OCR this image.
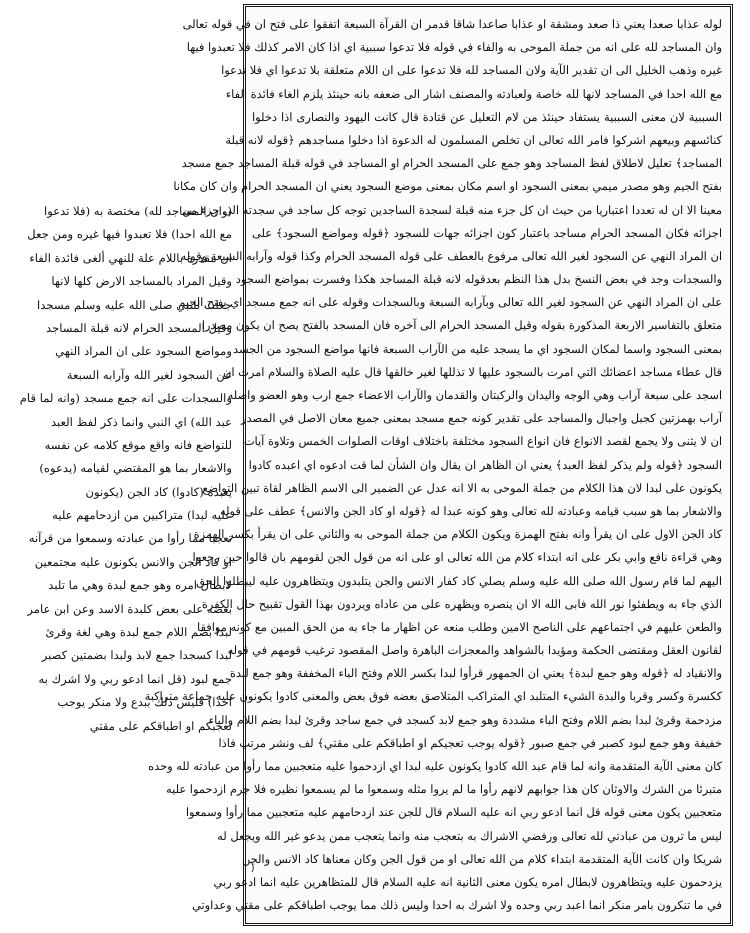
لوله عذابا صعدا يعني ذا صعد ومشقة او عذابا صاعدا شاقا قدمر ان القرآة السبعة اتفقوا على فتح ان في قوله تعالى
وان المساجد لله على انه من جملة الموحى به والفاء في قوله فلا تدعوا سببية اي اذا كان الامر كذلك فلا تعبدوا فيها
غيره وذهب الخليل الى ان تقدير الآية ولان المساجد لله فلا تدعوا على ان اللام متعلقة بلا تدعوا اي فلا تدعوا
مع الله احدا في المساجد لانها لله خاصة ولعبادته والمصنف اشار الى ضعفه بانه حينئذ يلزم الغاء فائدة الفاء
السببية لان معنى السببية يستفاد حينئذ من لام التعليل عن قتادة قال كانت اليهود والنصارى اذا دخلوا
كنائسهم وبيعهم اشركوا فامر الله تعالى ان تخلص المسلمون له الدعوة اذا دخلوا مساجدهم ﴿قوله لانه قبلة
المساجد﴾ تعليل لاطلاق لفظ المساجد وهو جمع على المسجد الحرام او المساجد في قوله قبلة المساجد جمع مسجد
بفتح الجيم وهو مصدر ميمي بمعنى السجود او اسم مكان بمعنى موضع السجود يعني ان المسجد الحرام وان كان مكانا
معينا الا ان له تعددا اعتباريا من حيث ان كل جزء منه قبلة لسجدة الساجدين توجه كل ساجد في سجدته الى جزء من
اجزائه فكان المسجد الحرام مساجد باعتبار كون اجزائه جهات للسجود ﴿قوله ومواضع السجود﴾ على
ان المراد النهي عن السجود لغير الله تعالى مرفوع بالعطف على قوله المسجد الحرام وكذا قوله وآرابه السبعة وقوله
والسجدات وجد في بعض النسخ بدل هذا النظم بعدقوله لانه قبلة المساجد هكذا وفسرت بمواضع السجود
على ان المراد النهي عن السجود لغير الله تعالى وبآرابه السبعة وبالسجدات وقوله على انه جمع مسجد اي بفتح الجيم
متعلق بالتفاسير الاربعة المذكورة بقوله وقيل المسجد الحرام الى آخره فان المسجد بالفتح يصح ان يكون مصدرا
بمعنى السجود واسما لمكان السجود اي ما يسجد عليه من الآراب السبعة فانها مواضع السجود من الجسد
قال عطاء مساجد اعضائك التي امرت بالسجود عليها لا تذللها لغير خالقها قال عليه الصلاة والسلام امرت ان
اسجد على سبعة آراب وهي الوجه واليدان والركبتان والقدمان والآراب الاعضاء جمع ارب وهو العضو واصله
آراب بهمزتين كجبل واجبال والمساجد على تقدير كونه جمع مسجد بمعنى جميع معان الاصل في المصدر
ان لا يثنى ولا يجمع لقصد الانواع فان انواع السجود مختلفة باختلاف اوقات الصلوات الخمس وتلاوة آيات
السجود ﴿قوله ولم يذكر لفظ العبد﴾ يعني ان الظاهر ان يقال وان الشأن لما قت ادعوه اي اعبده كادوا
يكونون على لبدا لان هذا الكلام من جملة الموحى به الا انه عدل عن الضمير الى الاسم الظاهر لقاة تبين التواضع
والاشعار بما هو سبب قيامه وعبادته لله تعالى وهو كونه عبدا له ﴿قوله او كاد الجن والانس﴾ عطف على قوله
كاد الجن الاول على ان يقرأ وانه بفتح الهمزة ويكون الكلام من جملة الموحى به والثاني على ان يقرأ بكسر الهمزة
وهي قراءة نافع وابي بكر على انه ابتداء كلام من الله تعالى او على انه من قول الجن لقومهم بان قالوا حين رجعوا
اليهم لما قام رسول الله صلى الله عليه وسلم يصلي كاد كفار الانس والجن يتلبدون ويتظاهرون عليه ليبطلوا الحق
الذي جاء به ويطفئوا نور الله فابى الله الا ان ينصره ويظهره على من عاداه ويردون بهذا القول تقبيح حال الكفرة
والطعن عليهم في اجتماعهم على الناصح الامين وطلب منعه عن اظهار ما جاء به من الحق المبين مع كونه موافقا
لقانون العقل ومقتضى الحكمة ومؤيدا بالشواهد والمعجزات الباهرة واصل المقصود ترغيب قومهم في قوله
والانقياد له ﴿قوله وهو جمع لبدة﴾ يعني ان الجمهور قرأوا لبدا بكسر اللام وفتح الباء المخففة وهو جمع لبدة
ككسرة وكسر وقربا والبدة الشيء المتلبد اي المتراكب المتلاصق بعضه فوق بعض والمعنى كادوا يكونون عليه جماعة متراكبة
مزدحمة وقرئ لبدا بضم اللام وفتح الباء مشددة وهو جمع لابد كسجد في جمع ساجد وقرئ لبدا بضم اللام والباء
خفيفة وهو جمع لبود كصبر في جمع صبور ﴿قوله يوجب تعجيكم او اطباقكم على مقتي﴾ لف ونشر مرتب فاذا
كان معنى الآية المتقدمة وانه لما قام عبد الله كادوا يكونون عليه لبدا اي ازدحموا عليه متعجبين مما رأوا من عبادته لله وحده
متبرئا من الشرك والاوثان كان هذا جوابهم لانهم رأوا ما لم يروا مثله وسمعوا ما لم يسمعوا نظيره فلا جرم ازدحموا عليه
متعجبين يكون معنى قوله قل انما ادعو ربي انه عليه السلام قال للجن عند ازدحامهم عليه متعجبين مما رأوا وسمعوا
ليس ما ترون من عبادتي لله تعالى ورفضي الاشراك به بتعجب منه وانما يتعجب ممن يدعو غير الله ويجعل له
شريكا وان كانت الآية المتقدمة ابتداء كلام من الله تعالى او من قول الجن وكان معناها كاد الانس والجن
يزدحمون عليه ويتظاهرون لابطال امره يكون معنى الثانية انه عليه السلام قال للمتظاهرين عليه انما ادعو ربي
في ما تنكرون بامر منكر انما اعبد ربي وحده ولا اشرك به احدا وليس ذلك مما يوجب اطباقكم على مقتي وعداوتي
(وان المساجد لله) مختصة به (فلا تدعوا
مع الله احدا) فلا تعبدوا فيها غيره ومن جعل
ان مقدرة باللام علة للنهي ألغى فائدة الفاء
وقيل المراد بالمساجد الارض كلها لانها
جعلت للنبي صلى الله عليه وسلم مسجدا
وقيل المسجد الحرام لانه قبلة المساجد
ومواضع السجود على ان المراد النهي
عن السجود لغير الله وآرابه السبعة
والسجدات على انه جمع مسجد (وانه لما قام
عبد الله) اي النبي وانما ذكر لفظ العبد
للتواضع فانه واقع موقع كلامه عن نفسه
والاشعار بما هو المقتضي لقيامه (يدعوه)
يعبده (كادوا) كاد الجن (يكونون
عليه لبدا) متراكبين من ازدحامهم عليه
تعجبا مما رأوا من عبادته وسمعوا من قرآنه
او كاد الجن والانس يكونون عليه مجتمعين
لابطال امره وهو جمع لبدة وهي ما تلبد
بعضه على بعض كلبدة الاسد وعن ابن عامر
لبدا بضم اللام جمع لبدة وهي لغة وقرئ
لبدا كسجدا جمع لابد ولبدا بضمتين كصبر
جمع لبود (قل انما ادعو ربي ولا اشرك به
احدا) فليس ذلك ببدع ولا منكر يوجب
تعجبكم او اطباقكم على مقتي
